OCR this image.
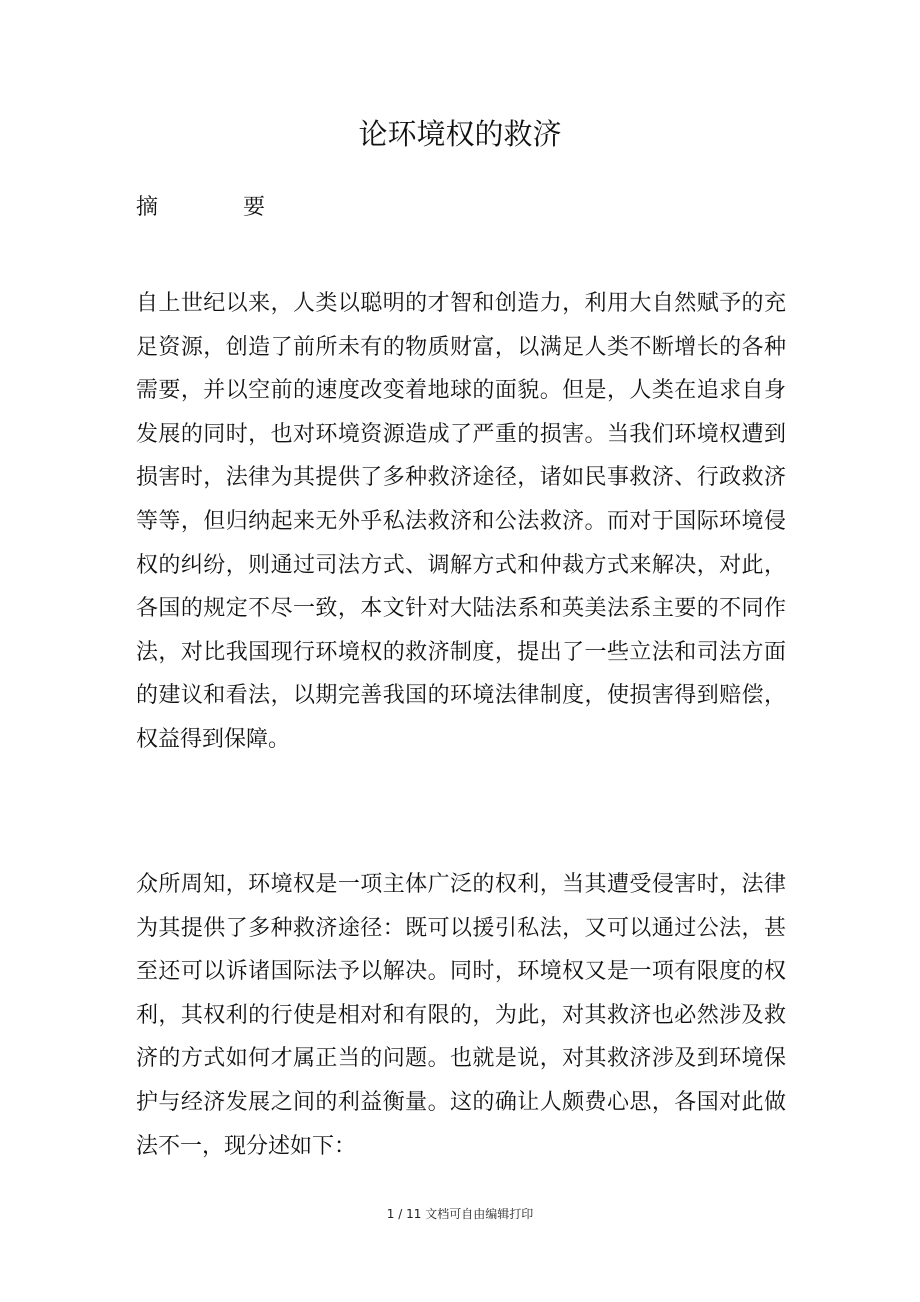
论环境权的救济
摘	要

自上世纪以来，人类以聪明的才智和创造力，利用大自然赋予的充足资源，创造了前所未有的物质财富，以满足人类不断增长的各种需要，并以空前的速度改变着地球的面貌。但是，人类在追求自身发展的同时，也对环境资源造成了严重的损害。当我们环境权遭到损害时，法律为其提供了多种救济途径，诸如民事救济、行政救济等等，但归纳起来无外乎私法救济和公法救济。而对于国际环境侵权的纠纷，则通过司法方式、调解方式和仲裁方式来解决，对此，各国的规定不尽一致，本文针对大陆法系和英美法系主要的不同作法，对比我国现行环境权的救济制度，提出了一些立法和司法方面的建议和看法，以期完善我国的环境法律制度，使损害得到赔偿，权益得到保障。

众所周知，环境权是一项主体广泛的权利，当其遭受侵害时，法律为其提供了多种救济途径：既可以援引私法，又可以通过公法，甚至还可以诉诸国际法予以解决。同时，环境权又是一项有限度的权利，其权利的行使是相对和有限的，为此，对其救济也必然涉及救济的方式如何才属正当的问题。也就是说，对其救济涉及到环境保护与经济发展之间的利益衡量。这的确让人颇费心思，各国对此做法不一，现分述如下：

1 / 11 文档可自由编辑打印
